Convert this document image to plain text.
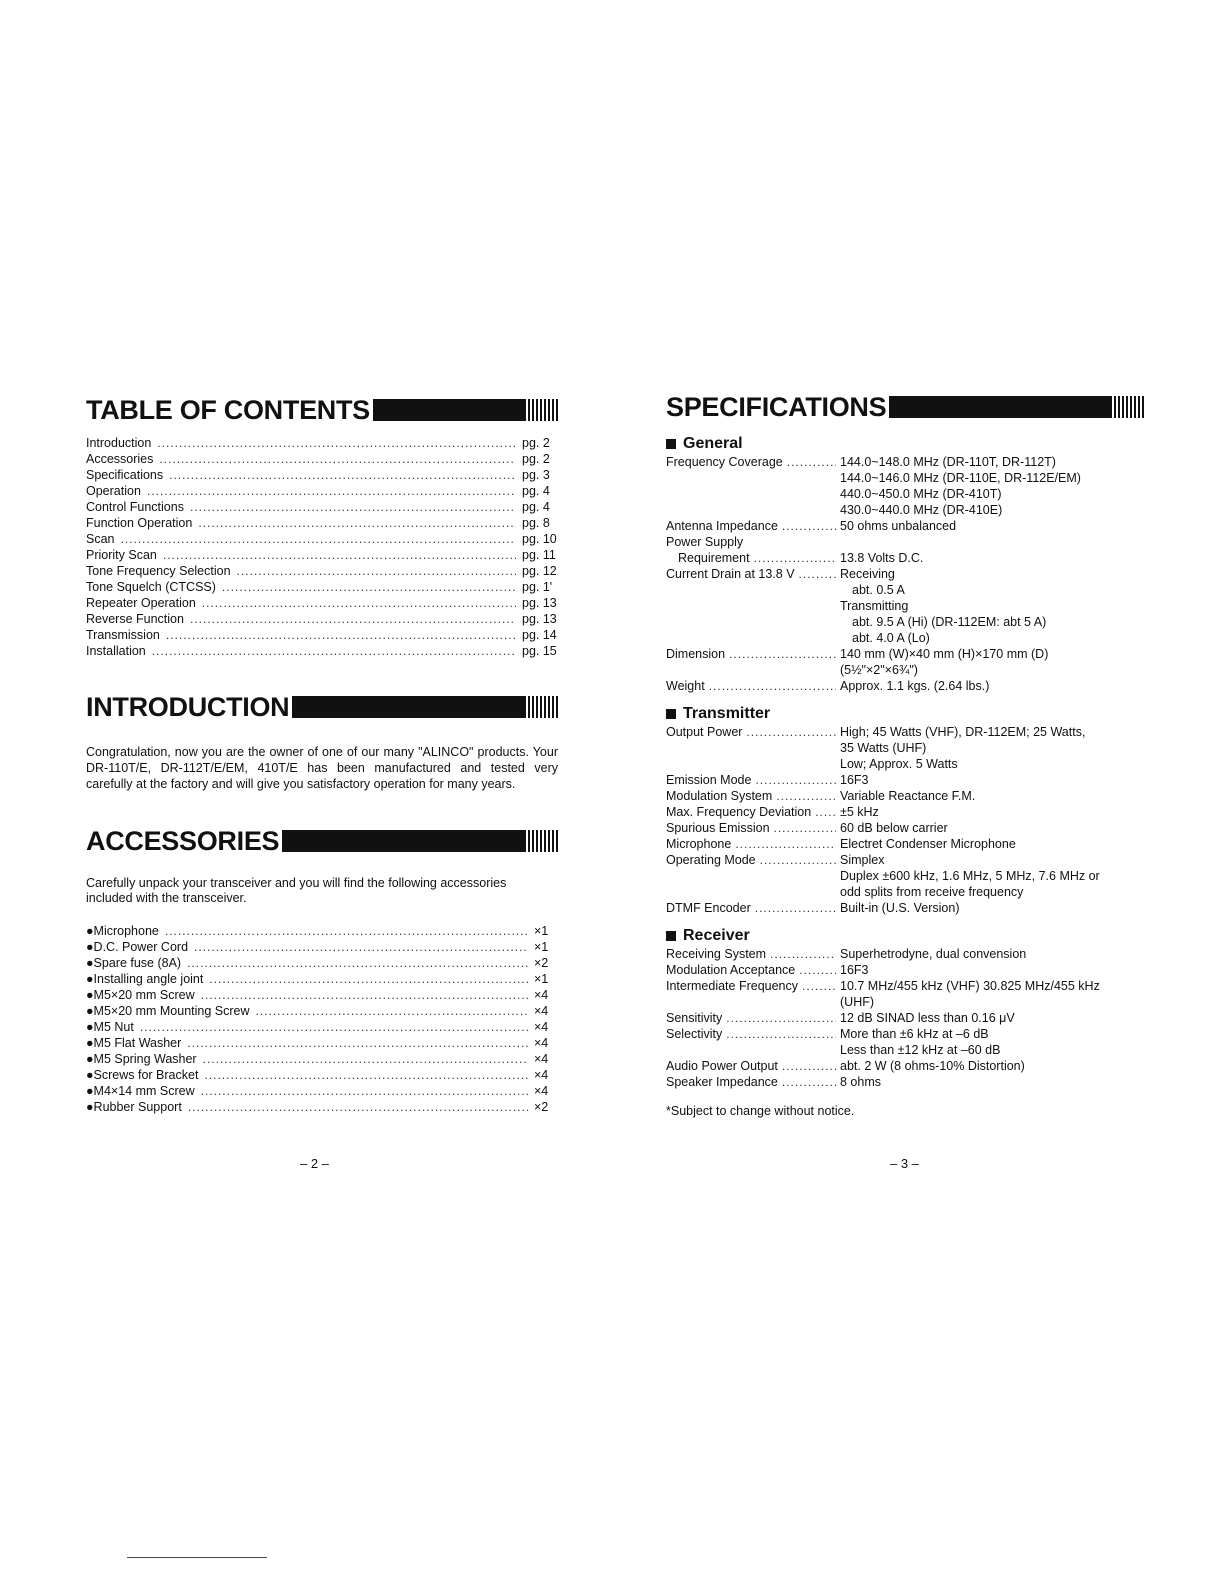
TABLE OF CONTENTS
Introduction .....	pg. 2
Accessories .....	pg. 2
Specifications .....	pg. 3
Operation .....	pg. 4
Control Functions .....	pg. 4
Function Operation .....	pg. 8
Scan .....	pg. 10
Priority Scan .....	pg. 11
Tone Frequency Selection .....	pg. 12
Tone Squelch (CTCSS) .....	pg. 1'
Repeater Operation .....	pg. 13
Reverse Function .....	pg. 13
Transmission .....	pg. 14
Installation .....	pg. 15
INTRODUCTION
Congratulation, now you are the owner of one of our many "ALINCO" products. Your DR-110T/E, DR-112T/E/EM, 410T/E has been manufactured and tested very carefully at the factory and will give you satisfactory operation for many years.
ACCESSORIES
Carefully unpack your transceiver and you will find the following accessories included with the transceiver.
●Microphone .....	×1
●D.C. Power Cord .....	×1
●Spare fuse (8A) .....	×2
●Installing angle joint .....	×1
●M5×20 mm Screw .....	×4
●M5×20 mm Mounting Screw .....	×4
●M5 Nut .....	×4
●M5 Flat Washer .....	×4
●M5 Spring Washer .....	×4
●Screws for Bracket .....	×4
●M4×14 mm Screw .....	×4
●Rubber Support .....	×2
SPECIFICATIONS
General
Frequency Coverage .....	144.0~148.0 MHz (DR-110T, DR-112T)
144.0~146.0 MHz (DR-110E, DR-112E/EM)
440.0~450.0 MHz (DR-410T)
430.0~440.0 MHz (DR-410E)
Antenna Impedance .....	50 ohms unbalanced
Power Supply
Requirement .....	13.8 Volts D.C.
Current Drain at 13.8 V .....	Receiving
abt. 0.5 A
Transmitting
abt. 9.5 A (Hi) (DR-112EM: abt 5 A)
abt. 4.0 A (Lo)
Dimension .....	140 mm (W)×40 mm (H)×170 mm (D)
(5½"×2"×6¾")
Weight .....	Approx. 1.1 kgs. (2.64 lbs.)
Transmitter
Output Power .....	High; 45 Watts (VHF), DR-112EM; 25 Watts,
35 Watts (UHF)
Low; Approx. 5 Watts
Emission Mode .....	16F3
Modulation System .....	Variable Reactance F.M.
Max. Frequency Deviation ..... ±5 kHz
Spurious Emission .....	60 dB below carrier
Microphone .....	Electret Condenser Microphone
Operating Mode .....	Simplex
Duplex ±600 kHz, 1.6 MHz, 5 MHz, 7.6 MHz or
odd splits from receive frequency
DTMF Encoder .....	Built-in (U.S. Version)
Receiver
Receiving System .....	Superhetrodyne, dual convension
Modulation Acceptance .....	16F3
Intermediate Frequency .....	10.7 MHz/455 kHz (VHF) 30.825 MHz/455 kHz
(UHF)
Sensitivity .....	12 dB SINAD less than 0.16 μV
Selectivity .....	More than ±6 kHz at –6 dB
Less than ±12 kHz at –60 dB
Audio Power Output .....	abt. 2 W (8 ohms-10% Distortion)
Speaker Impedance .....	8 ohms
*Subject to change without notice.
– 2 –	– 3 –
